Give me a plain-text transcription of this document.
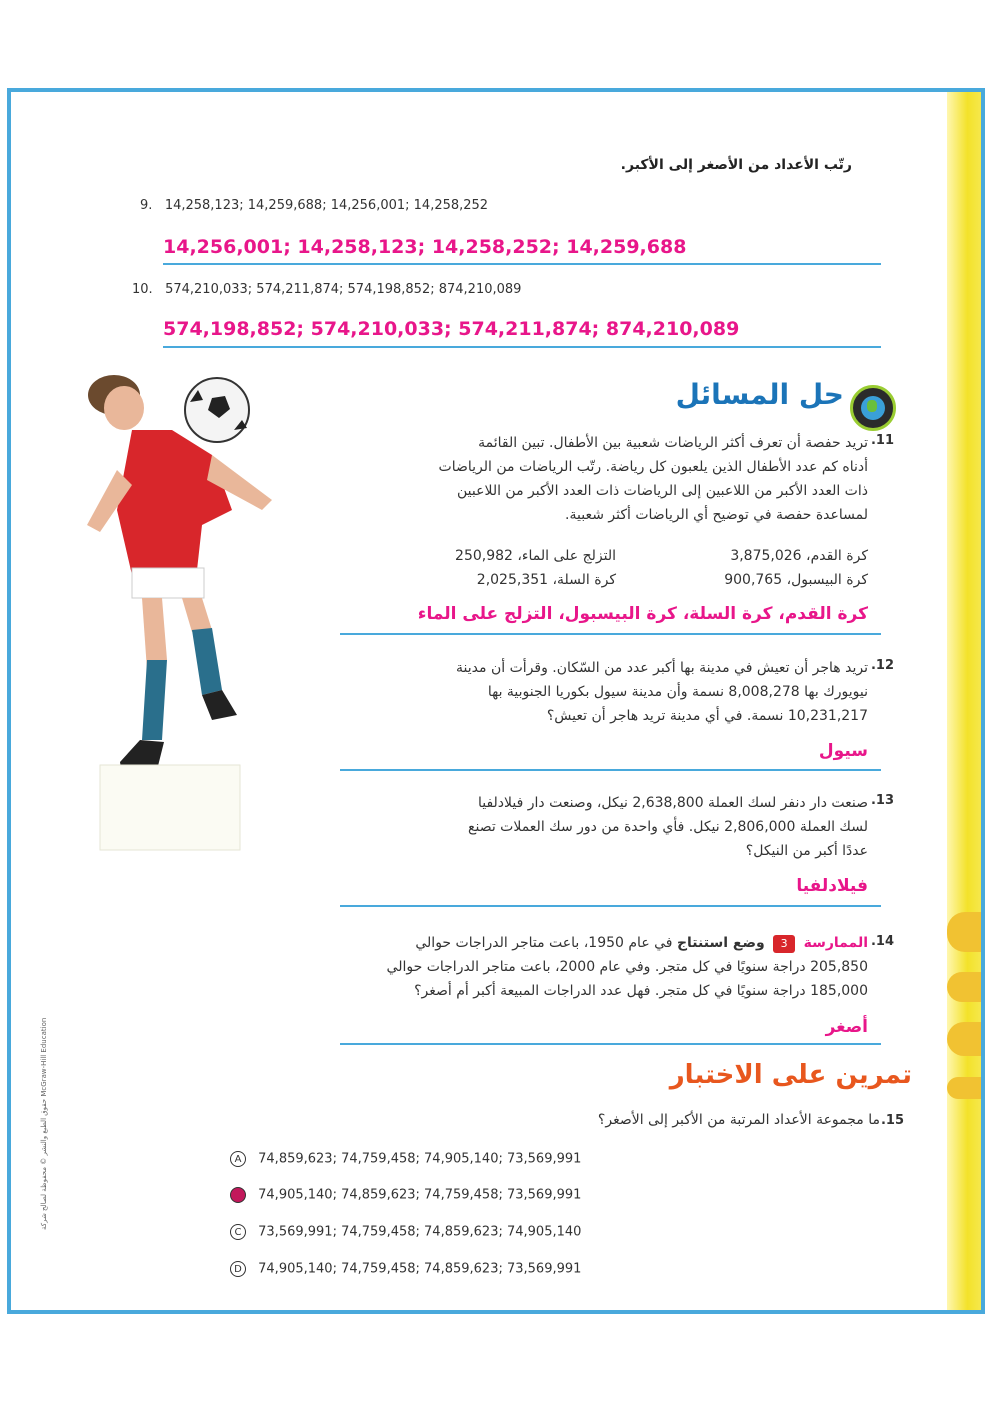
رتّب الأعداد من الأصغر إلى الأكبر.
9. 14,258,123; 14,259,688; 14,256,001; 14,258,252
14,256,001; 14,258,123; 14,258,252; 14,259,688
10. 574,210,033; 574,211,874; 574,198,852; 874,210,089
574,198,852; 574,210,033; 574,211,874; 874,210,089
حل المسائل
11.
تريد حفصة أن تعرف أكثر الرياضات شعبية بين الأطفال. تبين القائمة
أدناه كم عدد الأطفال الذين يلعبون كل رياضة. رتّب الرياضات من الرياضات
ذات العدد الأكبر من اللاعبين إلى الرياضات ذات العدد الأكبر من اللاعبين
لمساعدة حفصة في توضيح أي الرياضات أكثر شعبية.
كرة القدم، 3,875,026
التزلج على الماء، 250,982
كرة البيسبول، 900,765
كرة السلة، 2,025,351
كرة القدم، كرة السلة، كرة البيسبول، التزلج على الماء
12.
تريد هاجر أن تعيش في مدينة بها أكبر عدد من السّكان. وقرأت أن مدينة
نيويورك بها 8,008,278 نسمة وأن مدينة سيول بكوريا الجنوبية بها
10,231,217 نسمة. في أي مدينة تريد هاجر أن تعيش؟
سيول
13.
صنعت دار دنفر لسك العملة 2,638,800 نيكل، وصنعت دار فيلادلفيا
لسك العملة 2,806,000 نيكل. فأي واحدة من دور سك العملات تصنع
عددًا أكبر من النيكل؟
فيلادلفيا
14.
الممارسة 3 وضع استنتاج في عام 1950، باعت متاجر الدراجات حوالي
205,850 دراجة سنويًا في كل متجر. وفي عام 2000، باعت متاجر الدراجات حوالي
185,000 دراجة سنويًا في كل متجر. فهل عدد الدراجات المبيعة أكبر أم أصغر؟
أصغر
تمرين على الاختبار
15.
ما مجموعة الأعداد المرتبة من الأكبر إلى الأصغر؟
A 74,859,623; 74,759,458; 74,905,140; 73,569,991
B 74,905,140; 74,859,623; 74,759,458; 73,569,991
C 73,569,991; 74,759,458; 74,859,623; 74,905,140
D 74,905,140; 74,759,458; 74,859,623; 73,569,991
حقوق الطبع والنشر © محفوظة لصالح شركة McGraw-Hill Education
